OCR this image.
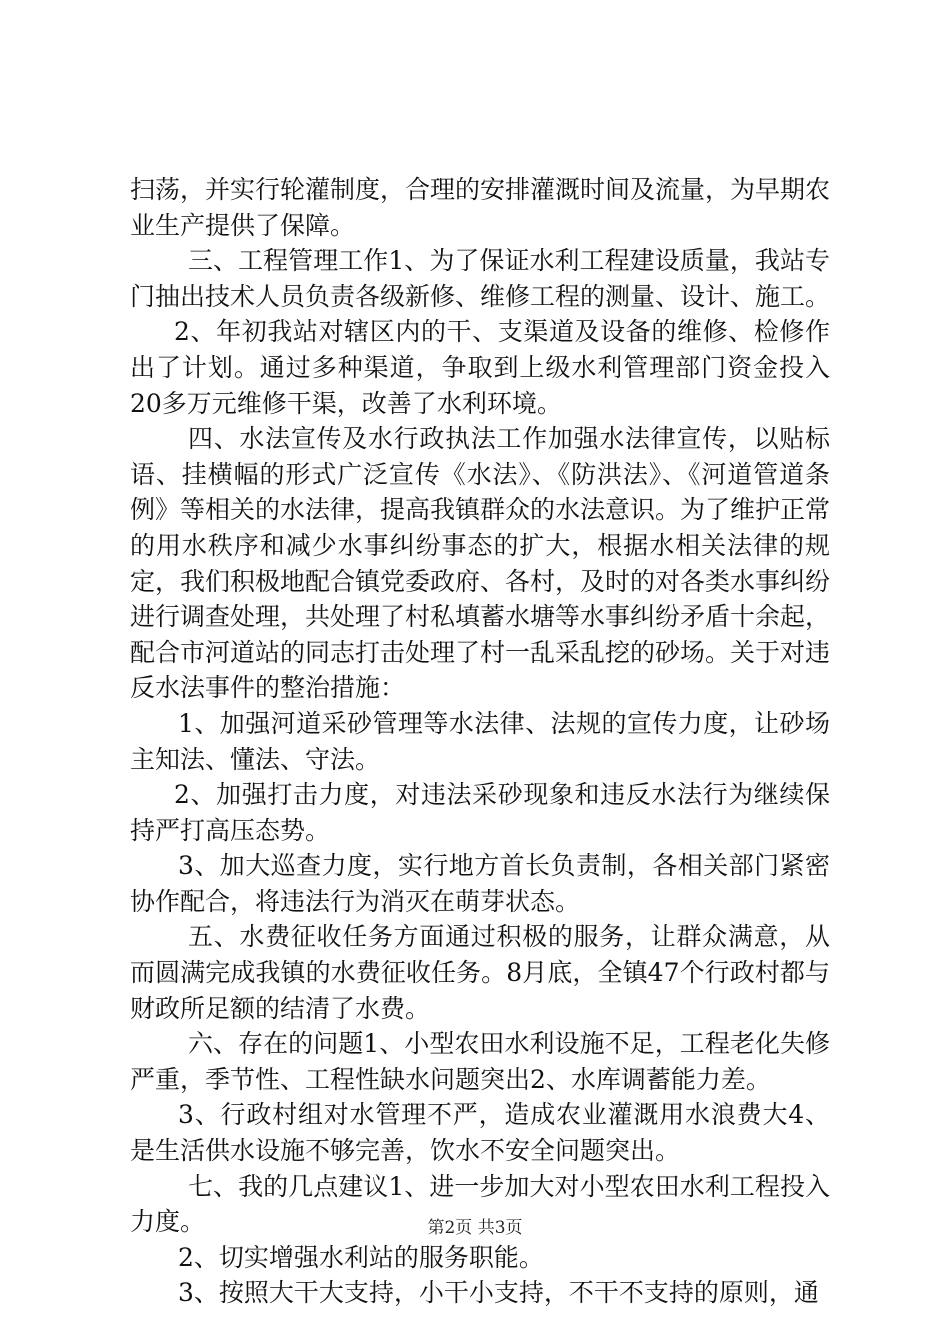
扫荡，并实行轮灌制度，合理的安排灌溉时间及流量，为早期农业生产提供了保障。

三、工程管理工作1、为了保证水利工程建设质量，我站专门抽出技术人员负责各级新修、维修工程的测量、设计、施工。

2、年初我站对辖区内的干、支渠道及设备的维修、检修作出了计划。通过多种渠道，争取到上级水利管理部门资金投入20多万元维修干渠，改善了水利环境。

四、水法宣传及水行政执法工作加强水法律宣传，以贴标语、挂横幅的形式广泛宣传《水法》、《防洪法》、《河道管道条例》等相关的水法律，提高我镇群众的水法意识。为了维护正常的用水秩序和减少水事纠纷事态的扩大，根据水相关法律的规定，我们积极地配合镇党委政府、各村，及时的对各类水事纠纷进行调查处理，共处理了村私填蓄水塘等水事纠纷矛盾十余起，配合市河道站的同志打击处理了村一乱采乱挖的砂场。关于对违反水法事件的整治措施：

1、加强河道采砂管理等水法律、法规的宣传力度，让砂场主知法、懂法、守法。

2、加强打击力度，对违法采砂现象和违反水法行为继续保持严打高压态势。

3、加大巡查力度，实行地方首长负责制，各相关部门紧密协作配合，将违法行为消灭在萌芽状态。

五、水费征收任务方面通过积极的服务，让群众满意，从而圆满完成我镇的水费征收任务。8月底，全镇47个行政村都与财政所足额的结清了水费。

六、存在的问题1、小型农田水利设施不足，工程老化失修严重，季节性、工程性缺水问题突出2、水库调蓄能力差。

3、行政村组对水管理不严，造成农业灌溉用水浪费大4、是生活供水设施不够完善，饮水不安全问题突出。

七、我的几点建议1、进一步加大对小型农田水利工程投入力度。

2、切实增强水利站的服务职能。

3、按照大干大支持，小干小支持，不干不支持的原则，通

第2页 共3页
